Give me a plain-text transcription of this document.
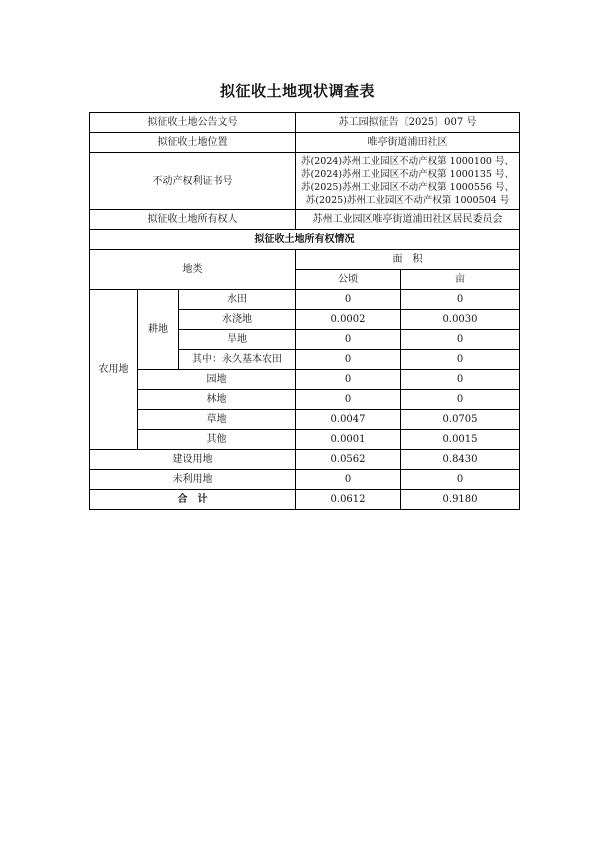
拟征收土地现状调查表
拟征收土地公告文号			苏工园拟征告〔2025〕007 号	
拟征收土地位置			唯亭街道浦田社区	
不动产权利证书号			苏(2024)苏州工业园区不动产权第 1000100 号、
苏(2024)苏州工业园区不动产权第 1000135 号、
苏(2025)苏州工业园区不动产权第 1000556 号、
苏(2025)苏州工业园区不动产权第 1000504 号	

拟征收土地所有权人			苏州工业园区唯亭街道浦田社区居民委员会	
拟征收土地所有权情况				
地类			面　积	
			公顷	亩
农用地	耕地	水田	0	0
		水浇地	0.0002	0.0030
		旱地	0	0
		其中：永久基本农田	0	0
	园地		0	0
	林地		0	0
	草地		0.0047	0.0705
	其他		0.0001	0.0015
建设用地			0.0562	0.8430
未利用地			0	0
合　计			0.0612	0.9180
